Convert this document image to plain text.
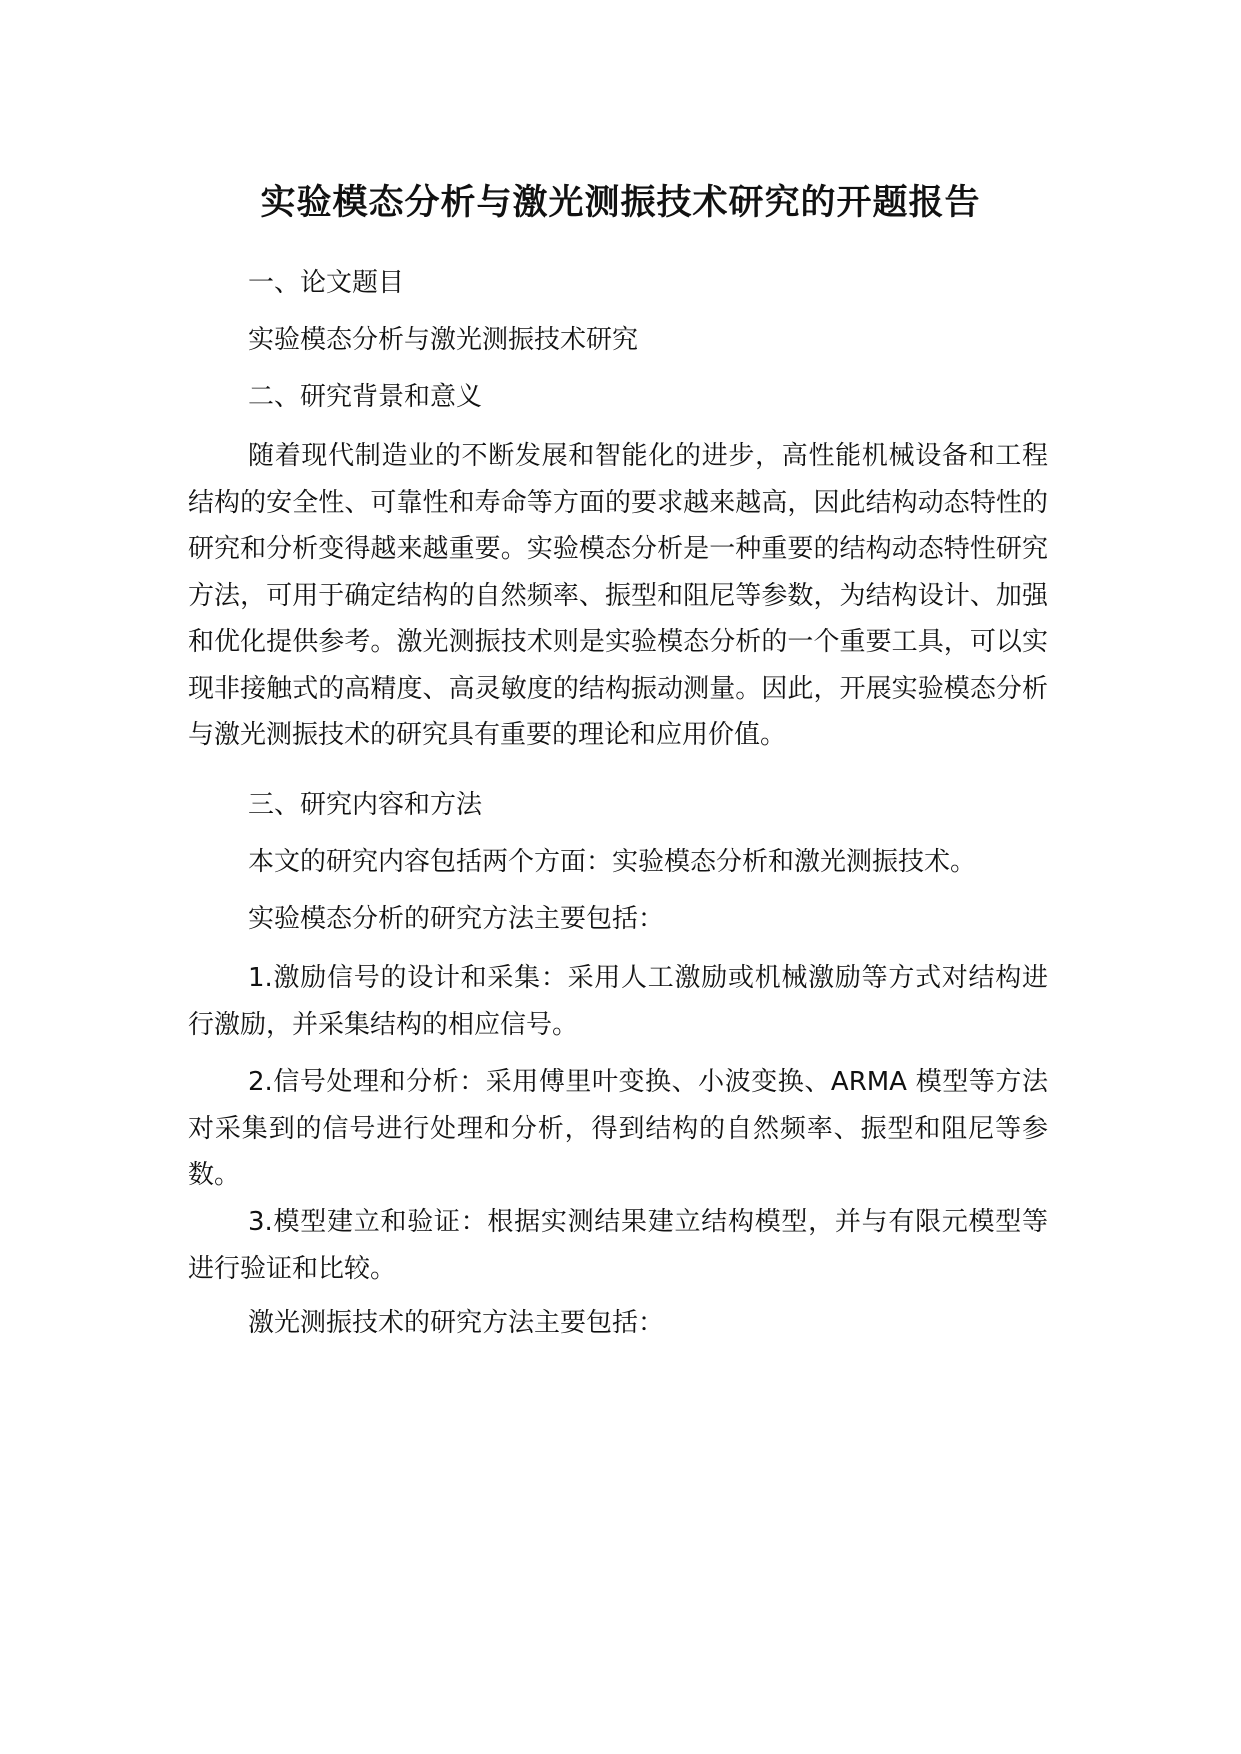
实验模态分析与激光测振技术研究的开题报告
一、论文题目
实验模态分析与激光测振技术研究
二、研究背景和意义
随着现代制造业的不断发展和智能化的进步，高性能机械设备和工程结构的安全性、可靠性和寿命等方面的要求越来越高，因此结构动态特性的研究和分析变得越来越重要。实验模态分析是一种重要的结构动态特性研究方法，可用于确定结构的自然频率、振型和阻尼等参数，为结构设计、加强和优化提供参考。激光测振技术则是实验模态分析的一个重要工具，可以实现非接触式的高精度、高灵敏度的结构振动测量。因此，开展实验模态分析与激光测振技术的研究具有重要的理论和应用价值。
三、研究内容和方法
本文的研究内容包括两个方面：实验模态分析和激光测振技术。
实验模态分析的研究方法主要包括：
1.激励信号的设计和采集：采用人工激励或机械激励等方式对结构进行激励，并采集结构的相应信号。
2.信号处理和分析：采用傅里叶变换、小波变换、ARMA 模型等方法对采集到的信号进行处理和分析，得到结构的自然频率、振型和阻尼等参数。
3.模型建立和验证：根据实测结果建立结构模型，并与有限元模型等进行验证和比较。
激光测振技术的研究方法主要包括：
